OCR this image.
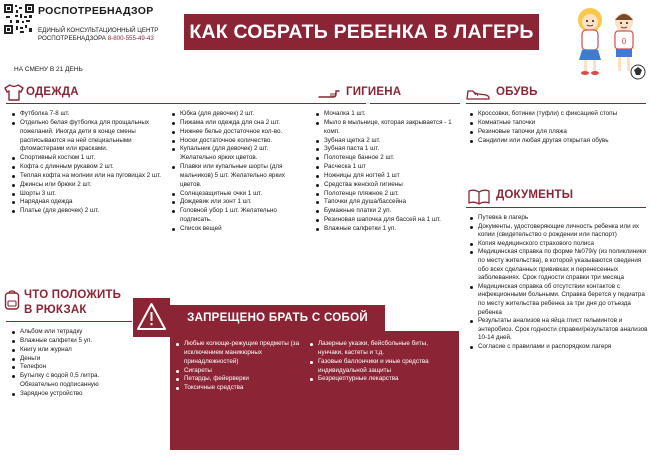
РОСПОТРЕБНАДЗОР
ЕДИНЫЙ КОНСУЛЬТАЦИОННЫЙ ЦЕНТР
РОСПОТРЕБНАДЗОРА 8-800-555-49-43 КАК СОБРАТЬ РЕБЕНКА В ЛАГЕРЬ
НА СМЕНУ В 21 ДЕНЬ
0
ОДЕЖДА
Футболка 7-8 шт.
Отдельно белая футболка для прощальных пожеланий. Иногда дети в конце смены расписываются на ней специальными фломастерами или красками.
Спортивный костюм 1 шт.
Кофта с длинным рукавом 2 шт.
Теплая кофта на молнии или на пуговицах 2 шт.
Джинсы или брюки 2 шт.
Шорты 3 шт.
Нарядная одежда
Платье (для девочек) 2 шт.
Юбка (для девочек) 2 шт.
Пижама или одежда для сна 2 шт.
Нижнее белье достаточное кол-во.
Носки достаточное количество.
Купальник (для девочек) 2 шт. Желательно ярких цветов.
Плавки или купальные шорты (для мальчиков) 5 шт. Желательно ярких цветов.
Солнцезащитные очки 1 шт.
Дождевик или зонт 1 шт.
Головной убор 1 шт. Желательно подписать.
Список вещей
ГИГИЕНА
Мочалка 1 шт.
Мыло в мыльнице, которая закрывается - 1 комп.
Зубная щетка 2 шт.
Зубная паста 1 шт.
Полотенце банное 2 шт.
Расческа 1 шт
Ножницы для ногтей 1 шт
Средства женской гигиены
Полотенце пляжное 2 шт.
Тапочки для душа/бассейна
Бумажные платки 2 уп.
Резиновая шапочка для бассей на 1 шт.
Влажные салфетки 1 уп.
ОБУВЬ
Кроссовки, ботинки (туфли) с фиксацией стопы
Комнатные тапочки
Резиновые тапочки для пляжа
Сандилии или любая другая открытая обувь
ДОКУМЕНТЫ
Путевка в лагерь
Документы, удостоверяющие личность ребенка или их копии (свидетельство о рождении или паспорт)
Копия медицинского страхового полиса
Медицинская справка по форме №079/у (из поликлиники по месту жительства), в которой указываются сведения обо всех сделанных прививках и перенесенных заболеваниях. Срок годности справки три месяца
Медицинская справка об отсутствии контактов с инфекционными больными. Справка берется у педиатра по месту жительства ребенка за три дня до отъезда ребенка
Результаты анализов на яйца глист гельминтов и энтеробиоз. Срок годности справки/результатов анализов 10-14 дней.
Согласие с правилами и распорядком лагеря
ЧТО ПОЛОЖИТЬ
В РЮКЗАК
Альбом или тетрадку
Влажные салфетки 5 уп.
Книгу или журнал
Деньги
Телефон
Бутылку с водой 0,5 литра. Обязательно подписанную
Зарядное устройство
ЗАПРЕЩЕНО БРАТЬ С СОБОЙ
Любые колюще-режущие предметы (за исключением маникюрных принадлежностей)
Сигареты
Петарды, фейерверки
Токсичные средства
Лазерные указки, бейсбольные биты, нунчаки, кастеты и т.д.
Газовые баллончики и иные средства индивидуальной защиты
Безрецептурные лекарства
Подробнее на www.rospotrebnadzor.ru
